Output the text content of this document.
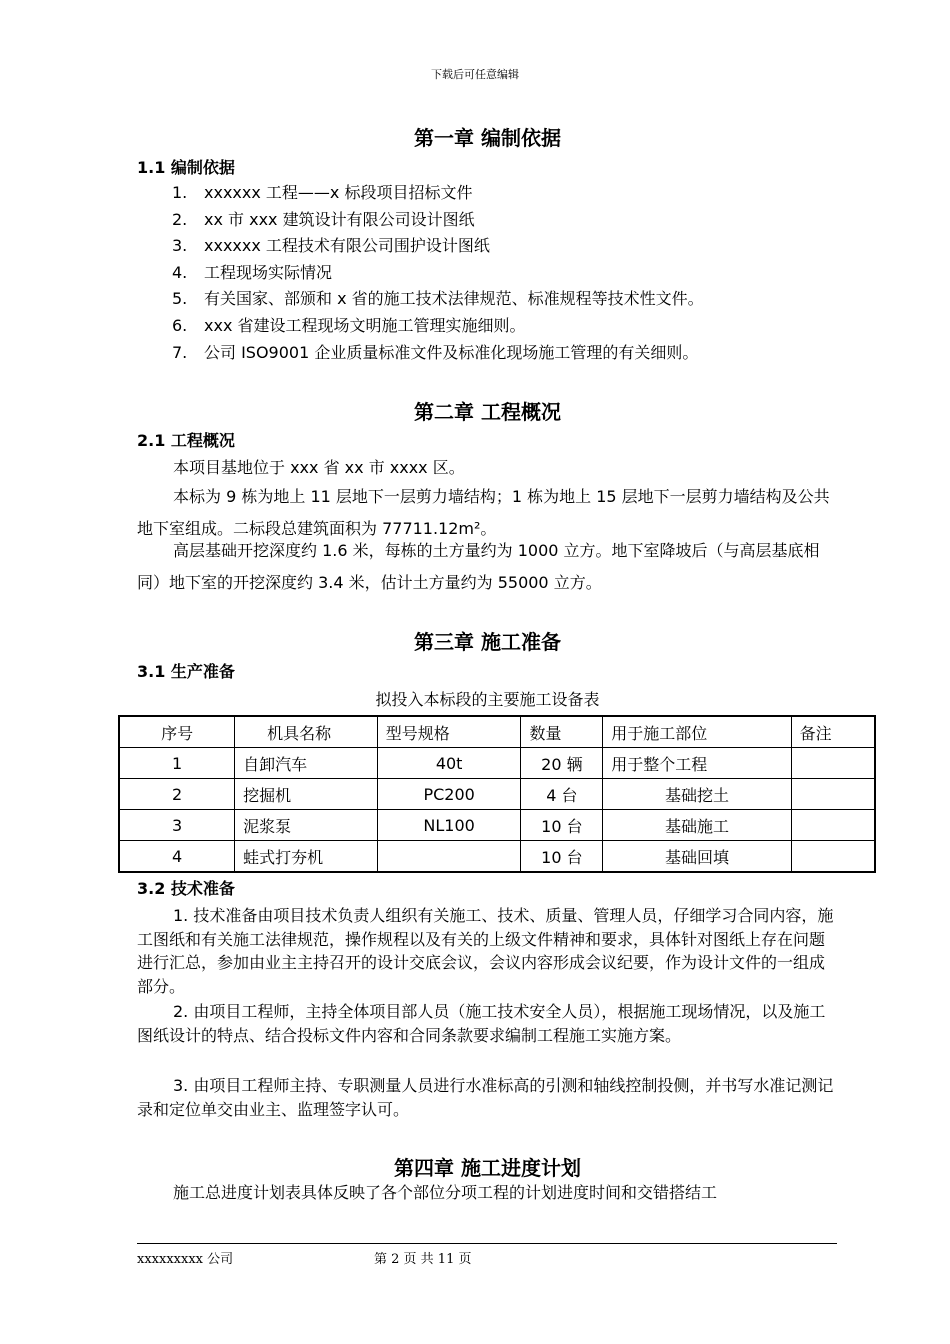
下载后可任意编辑
第一章 编制依据
1.1 编制依据
1. xxxxxx 工程——x 标段项目招标文件
2. xx 市 xxx 建筑设计有限公司设计图纸
3. xxxxxx 工程技术有限公司围护设计图纸
4. 工程现场实际情况
5. 有关国家、部颁和 x 省的施工技术法律规范、标准规程等技术性文件。
6. xxx 省建设工程现场文明施工管理实施细则。
7. 公司 ISO9001 企业质量标准文件及标准化现场施工管理的有关细则。
第二章 工程概况
2.1 工程概况
本项目基地位于 xxx 省 xx 市 xxxx 区。
本标为 9 栋为地上 11 层地下一层剪力墙结构；1 栋为地上 15 层地下一层剪力墙结构及公共地下室组成。二标段总建筑面积为 77711.12m²。
高层基础开挖深度约 1.6 米，每栋的土方量约为 1000 立方。地下室降坡后（与高层基底相同）地下室的开挖深度约 3.4 米，估计土方量约为 55000 立方。
第三章 施工准备
3.1 生产准备
拟投入本标段的主要施工设备表
序号	机具名称	型号规格	数量	用于施工部位	备注
1	自卸汽车	40t	20 辆	用于整个工程	
2	挖掘机	PC200	4 台	基础挖土	
3	泥浆泵	NL100	10 台	基础施工	
4	蛙式打夯机		10 台	基础回填	
3.2 技术准备
1. 技术准备由项目技术负责人组织有关施工、技术、质量、管理人员，仔细学习合同内容，施工图纸和有关施工法律规范，操作规程以及有关的上级文件精神和要求，具体针对图纸上存在问题进行汇总，参加由业主主持召开的设计交底会议，会议内容形成会议纪要，作为设计文件的一组成部分。
2. 由项目工程师，主持全体项目部人员（施工技术安全人员），根据施工现场情况，以及施工图纸设计的特点、结合投标文件内容和合同条款要求编制工程施工实施方案。
3. 由项目工程师主持、专职测量人员进行水准标高的引测和轴线控制投侧，并书写水准记测记录和定位单交由业主、监理签字认可。
第四章 施工进度计划
施工总进度计划表具体反映了各个部位分项工程的计划进度时间和交错搭结工
xxxxxxxxx 公司	第 2 页 共 11 页
